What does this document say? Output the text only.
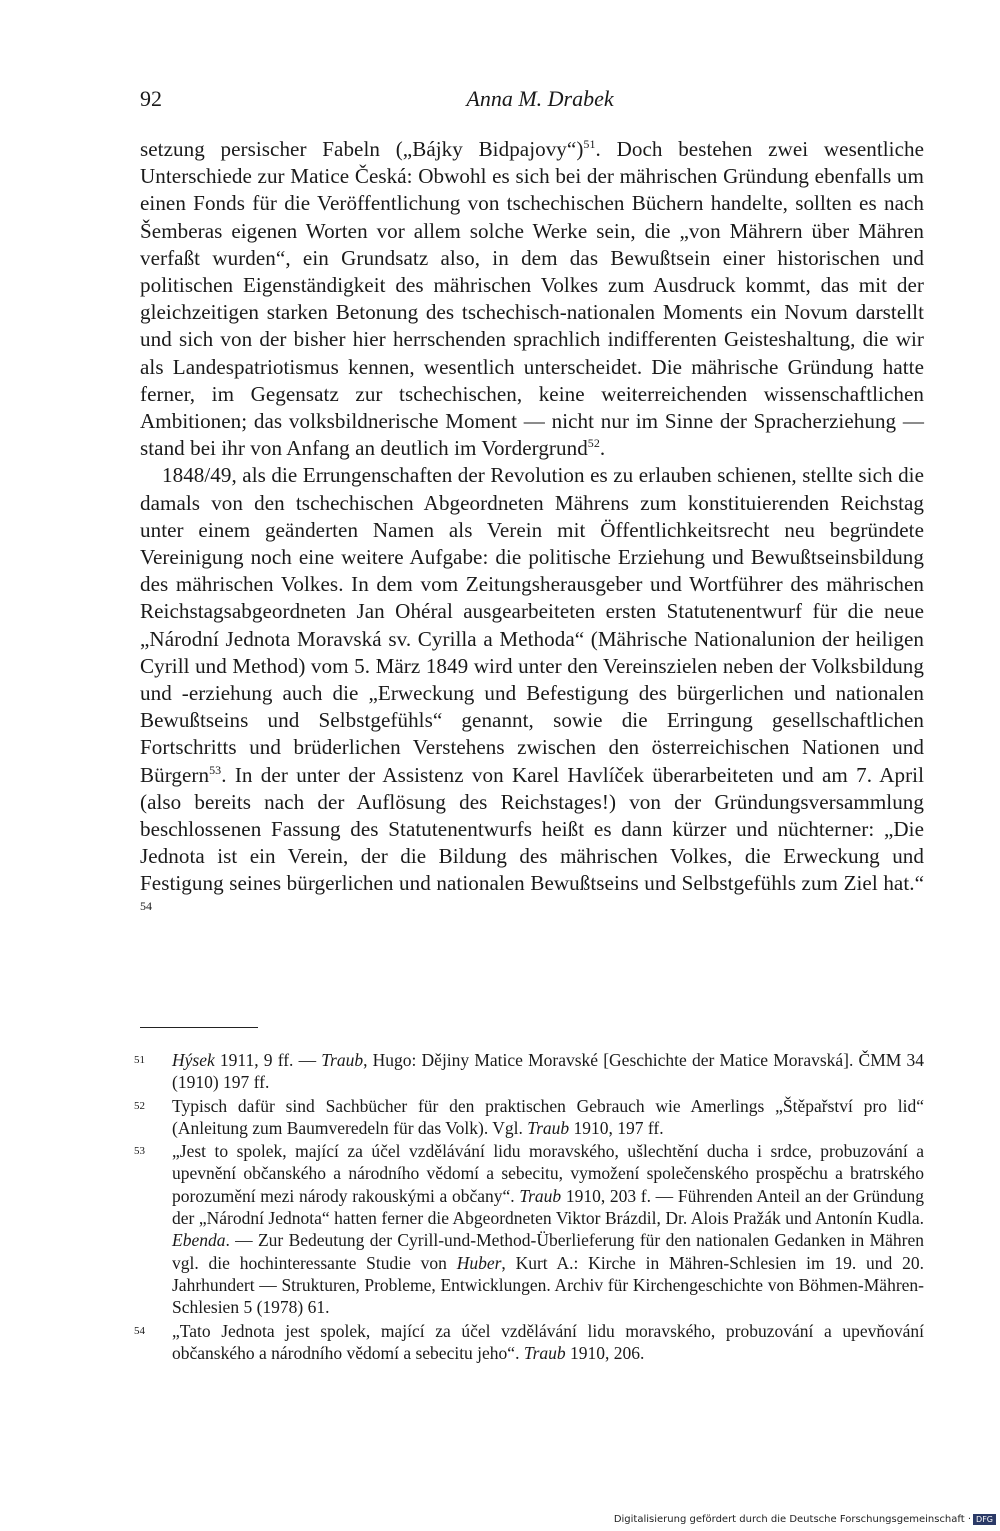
92	Anna M. Drabek

setzung persischer Fabeln („Bájky Bidpajovy“)$^{51}$. Doch bestehen zwei wesentliche Unterschiede zur Matice Česká: Obwohl es sich bei der mährischen Gründung ebenfalls um einen Fonds für die Veröffentlichung von tschechischen Büchern handelte, sollten es nach Šemberas eigenen Worten vor allem solche Werke sein, die „von Mährern über Mähren verfaßt wurden“, ein Grundsatz also, in dem das Bewußtsein einer historischen und politischen Eigenständigkeit des mährischen Volkes zum Ausdruck kommt, das mit der gleichzeitigen starken Betonung des tschechisch-nationalen Moments ein Novum darstellt und sich von der bisher hier herrschenden sprachlich indifferenten Geisteshaltung, die wir als Landespatriotismus kennen, wesentlich unterscheidet. Die mährische Gründung hatte ferner, im Gegensatz zur tschechischen, keine weiterreichenden wissenschaftlichen Ambitionen; das volksbildnerische Moment — nicht nur im Sinne der Spracherziehung — stand bei ihr von Anfang an deutlich im Vordergrund$^{52}$.

1848/49, als die Errungenschaften der Revolution es zu erlauben schienen, stellte sich die damals von den tschechischen Abgeordneten Mährens zum konstituierenden Reichstag unter einem geänderten Namen als Verein mit Öffentlichkeitsrecht neu begründete Vereinigung noch eine weitere Aufgabe: die politische Erziehung und Bewußtseinsbildung des mährischen Volkes. In dem vom Zeitungsherausgeber und Wortführer des mährischen Reichstagsabgeordneten Jan Ohéral ausgearbeiteten ersten Statutenentwurf für die neue „Národní Jednota Moravská sv. Cyrilla a Methoda“ (Mährische Nationalunion der heiligen Cyrill und Method) vom 5. März 1849 wird unter den Vereinszielen neben der Volksbildung und -erziehung auch die „Erweckung und Befestigung des bürgerlichen und nationalen Bewußtseins und Selbstgefühls“ genannt, sowie die Erringung gesellschaftlichen Fortschritts und brüderlichen Verstehens zwischen den österreichischen Nationen und Bürgern$^{53}$. In der unter der Assistenz von Karel Havlíček überarbeiteten und am 7. April (also bereits nach der Auflösung des Reichstages!) von der Gründungsversammlung beschlossenen Fassung des Statutenentwurfs heißt es dann kürzer und nüchterner: „Die Jednota ist ein Verein, der die Bildung des mährischen Volkes, die Erweckung und Festigung seines bürgerlichen und nationalen Bewußtseins und Selbstgefühls zum Ziel hat.“ $^{54}$

51 Hýsek 1911, 9 ff. — Traub, Hugo: Dějiny Matice Moravské [Geschichte der Matice Moravská]. ČMM 34 (1910) 197 ff.
52 Typisch dafür sind Sachbücher für den praktischen Gebrauch wie Amerlings „Štěpařství pro lid“ (Anleitung zum Baumveredeln für das Volk). Vgl. Traub 1910, 197 ff.
53 „Jest to spolek, mající za účel vzdělávání lidu moravského, ušlechtění ducha i srdce, probuzování a upevnění občanského a národního vědomí a sebecitu, vymožení společenského prospěchu a bratrského porozumění mezi národy rakouskými a občany“. Traub 1910, 203 f. — Führenden Anteil an der Gründung der „Národní Jednota“ hatten ferner die Abgeordneten Viktor Brázdil, Dr. Alois Pražák und Antonín Kudla. Ebenda. — Zur Bedeutung der Cyrill-und-Method-Überlieferung für den nationalen Gedanken in Mähren vgl. die hochinteressante Studie von Huber, Kurt A.: Kirche in Mähren-Schlesien im 19. und 20. Jahrhundert — Strukturen, Probleme, Entwicklungen. Archiv für Kirchengeschichte von Böhmen-Mähren-Schlesien 5 (1978) 61.
54 „Tato Jednota jest spolek, mající za účel vzdělávání lidu moravského, probuzování a upevňování občanského a národního vědomí a sebecitu jeho“. Traub 1910, 206.
Digitalisierung gefördert durch die Deutsche Forschungsgemeinschaft · DFG
